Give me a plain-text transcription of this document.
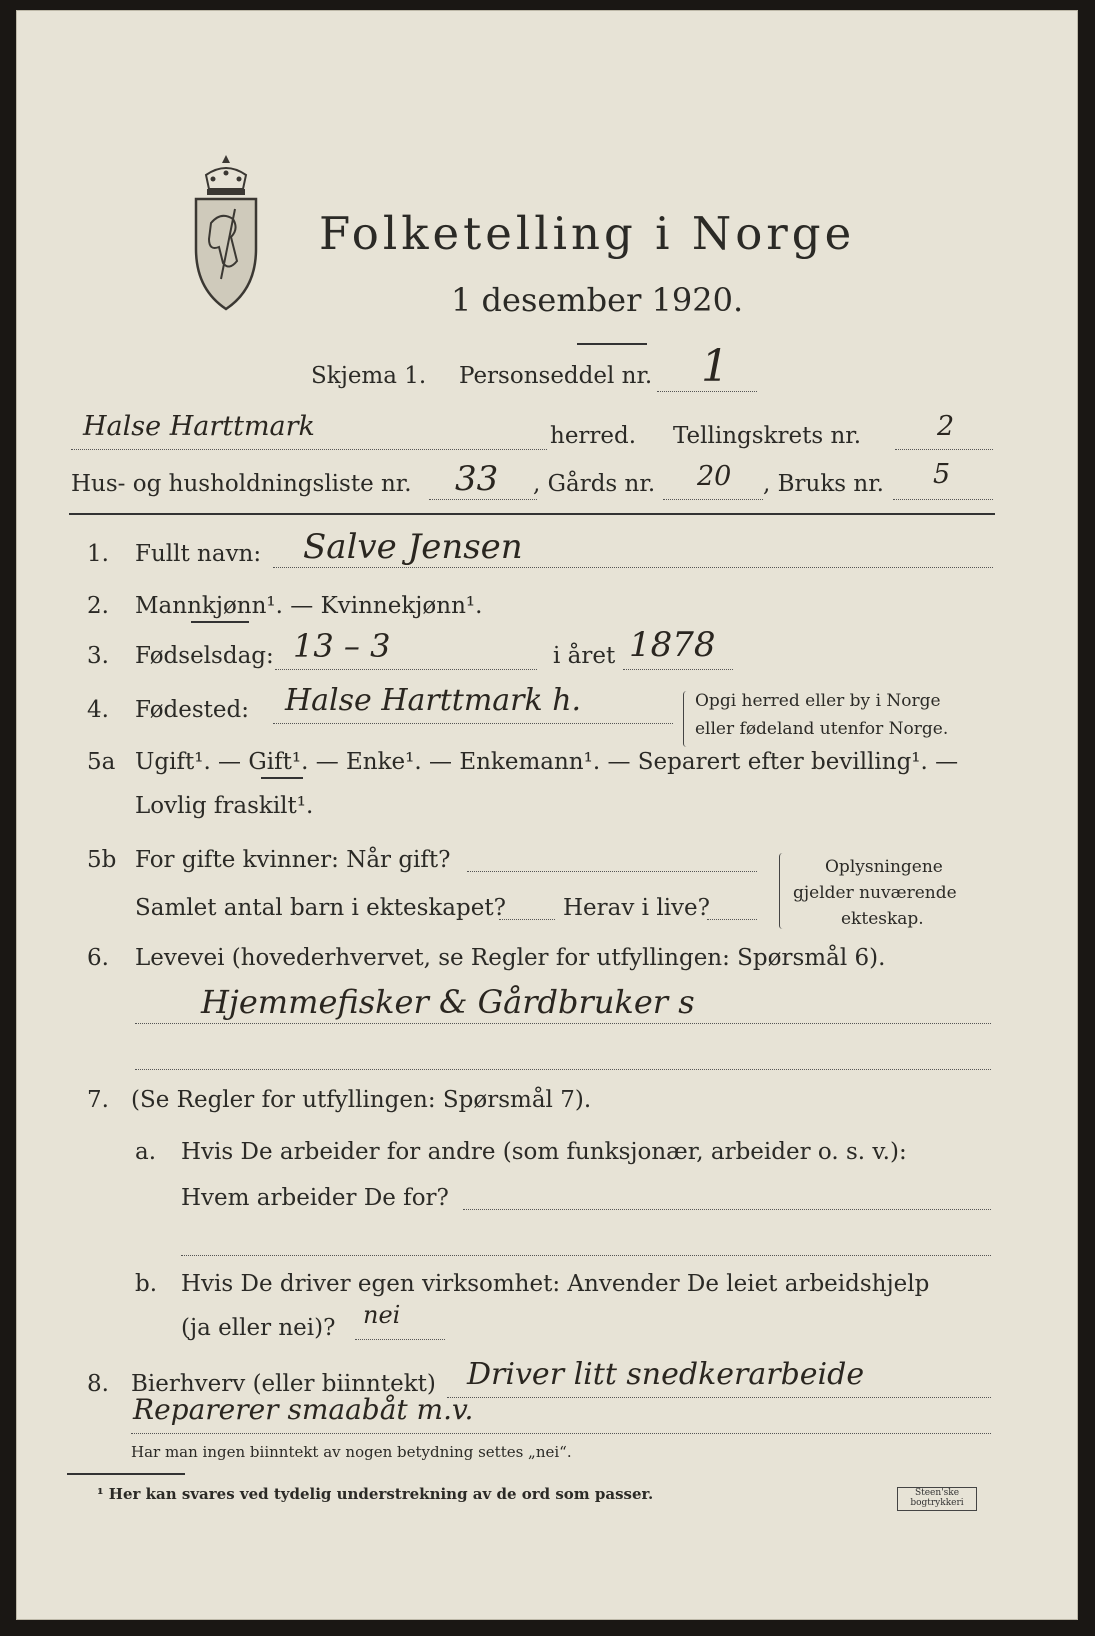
Folketelling i Norge
1 desember 1920.
Skjema 1. Personseddel nr. 1
Halse Harttmark	herred. Tellingskrets nr.	2
Hus- og husholdningsliste nr. 33 , Gårds nr. 20 , Bruks nr. 5
1. Fullt navn: Salve Jensen
2. Mannkjønn¹. — Kvinnekjønn¹.
3. Fødselsdag: 13 – 3	i året 1878
4. Fødested: Halse Harttmark h.	Opgi herred eller by i Norge
eller fødeland utenfor Norge.
5a Ugift¹. — Gift¹. — Enke¹. — Enkemann¹. — Separert efter bevilling¹. —
Lovlig fraskilt¹.
5b For gifte kvinner: Når gift?
Samlet antal barn i ekteskapet? Herav i live?
Oplysningene
gjelder nuværende
ekteskap.
6. Levevei (hovederhvervet, se Regler for utfyllingen: Spørsmål 6).
Hjemmefisker & Gårdbruker s
7. (Se Regler for utfyllingen: Spørsmål 7).
a. Hvis De arbeider for andre (som funksjonær, arbeider o. s. v.):
Hvem arbeider De for?
b. Hvis De driver egen virksomhet: Anvender De leiet arbeidshjelp
(ja eller nei)? nei
8. Bierhverv (eller biinntekt) Driver litt snedkerarbeide
Reparerer smaabåt m.v.
Har man ingen biinntekt av nogen betydning settes „nei“.
¹ Her kan svares ved tydelig understrekning av de ord som passer.	Steen'ske bogtrykkeri
